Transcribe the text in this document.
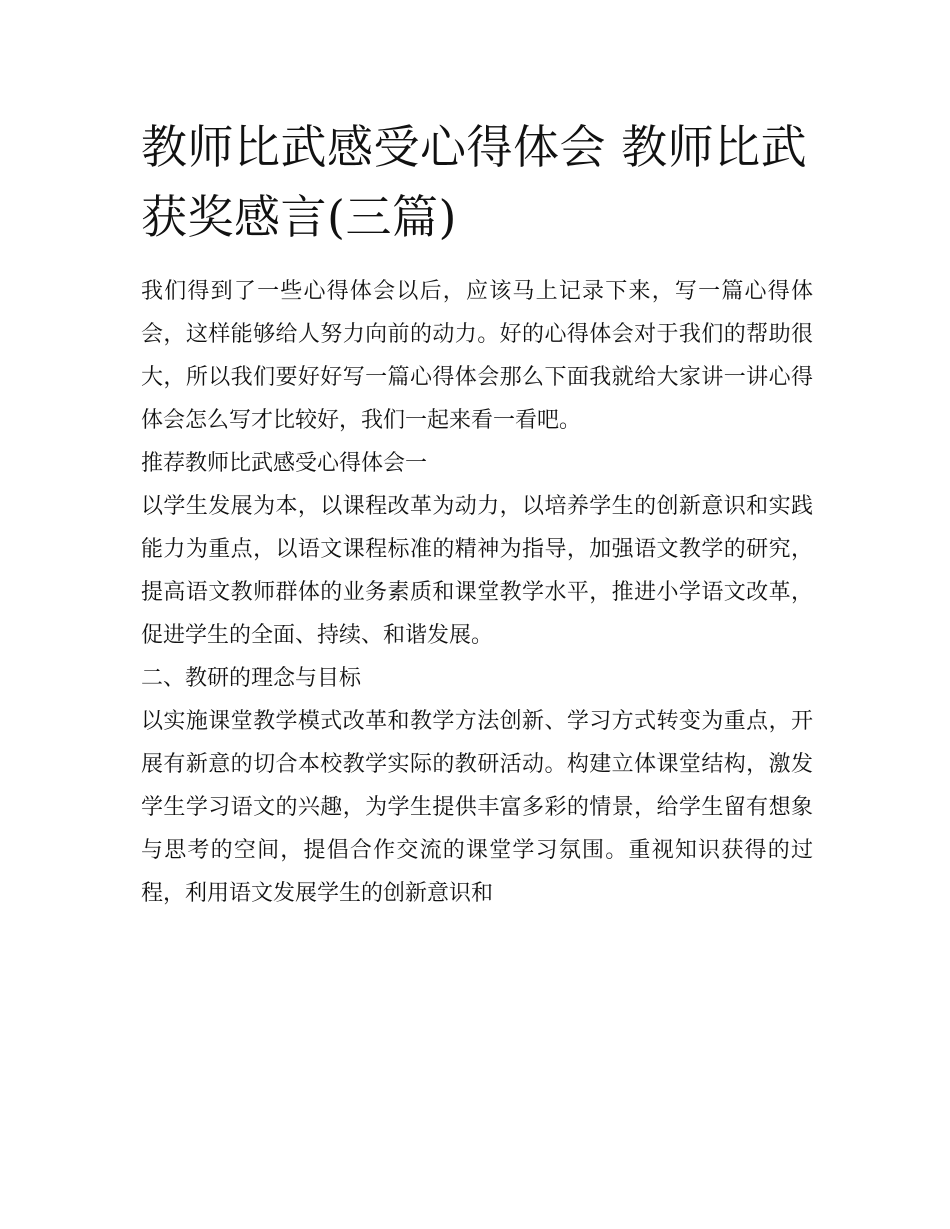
教师比武感受心得体会 教师比武获奖感言(三篇)

我们得到了一些心得体会以后，应该马上记录下来，写一篇心得体会，这样能够给人努力向前的动力。好的心得体会对于我们的帮助很大，所以我们要好好写一篇心得体会那么下面我就给大家讲一讲心得体会怎么写才比较好，我们一起来看一看吧。

推荐教师比武感受心得体会一

以学生发展为本，以课程改革为动力，以培养学生的创新意识和实践能力为重点，以语文课程标准的精神为指导，加强语文教学的研究，提高语文教师群体的业务素质和课堂教学水平，推进小学语文改革，促进学生的全面、持续、和谐发展。

二、教研的理念与目标

以实施课堂教学模式改革和教学方法创新、学习方式转变为重点，开展有新意的切合本校教学实际的教研活动。构建立体课堂结构，激发学生学习语文的兴趣，为学生提供丰富多彩的情景，给学生留有想象与思考的空间，提倡合作交流的课堂学习氛围。重视知识获得的过程，利用语文发展学生的创新意识和
